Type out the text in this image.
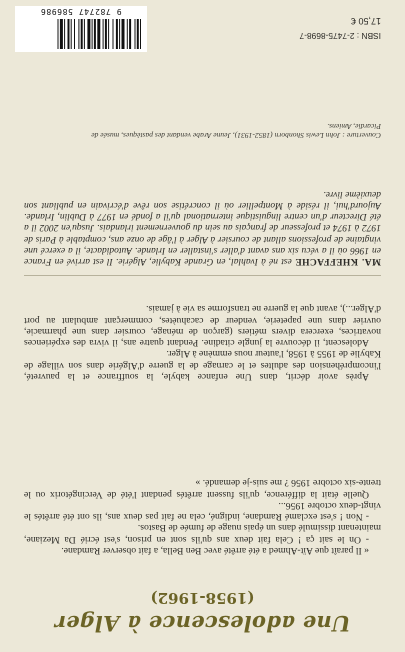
Une adolescence à Alger
(1958-1962)

« Il paraît que Aït-Ahmed a été arrêté avec Ben Bella, a fait observer Ramdane.

- On le sait ça ! Cela fait deux ans qu'ils sont en prison, s'est écrié Da Meziane, maintenant dissimulé dans un épais nuage de fumée de Bastos.

- Non ! s'est exclamé Ramdane, indigné, cela ne fait pas deux ans, ils ont été arrêtés le vingt-deux octobre 1956...

Quelle était la différence, qu'ils fussent arrêtés pendant l'été de Vercingétorix ou le trente-six octobre 1956 ? me suis-je demandé. »

Après avoir décrit, dans Une enfance kabyle, la souffrance et la pauvreté, l'incompréhension des adultes et le carnage de la guerre d'Algérie dans son village de Kabylie de 1955 à 1958, l'auteur nous emmène à Alger.

Adolescent, il découvre la jungle citadine. Pendant quatre ans, il vivra des expériences novatrices, exercera divers métiers (garçon de ménage, coursier dans une pharmacie, ouvrier dans une papeterie, vendeur de cacahuètes, commerçant ambulant au port d'Alger...), avant que la guerre ne transforme sa vie à jamais.

MA. KHEFFACHE est né à Ivahlal, en Grande Kabylie, Algérie. Il est arrivé en France en 1966 où il a vécu six ans avant d'aller s'installer en Irlande. Autodidacte, il a exercé une vingtaine de professions allant de coursier à Alger à l'âge de onze ans, comptable à Paris de 1972 à 1974 et professeur de français au sein du gouvernement irlandais. Jusqu'en 2002 il a été Directeur d'un centre linguistique international qu'il a fondé en 1977 à Dublin, Irlande. Aujourd'hui, il réside à Montpellier où il concrétise son rêve d'écrivain en publiant son deuxième livre.
Couverture : John Lewis Shonborn (1852-1931), Jeune Arabe vendant des pastèques, musée de Picardie, Amiens.
ISBN : 2-7475-8698-7
17,50 €
9 782747 586986
